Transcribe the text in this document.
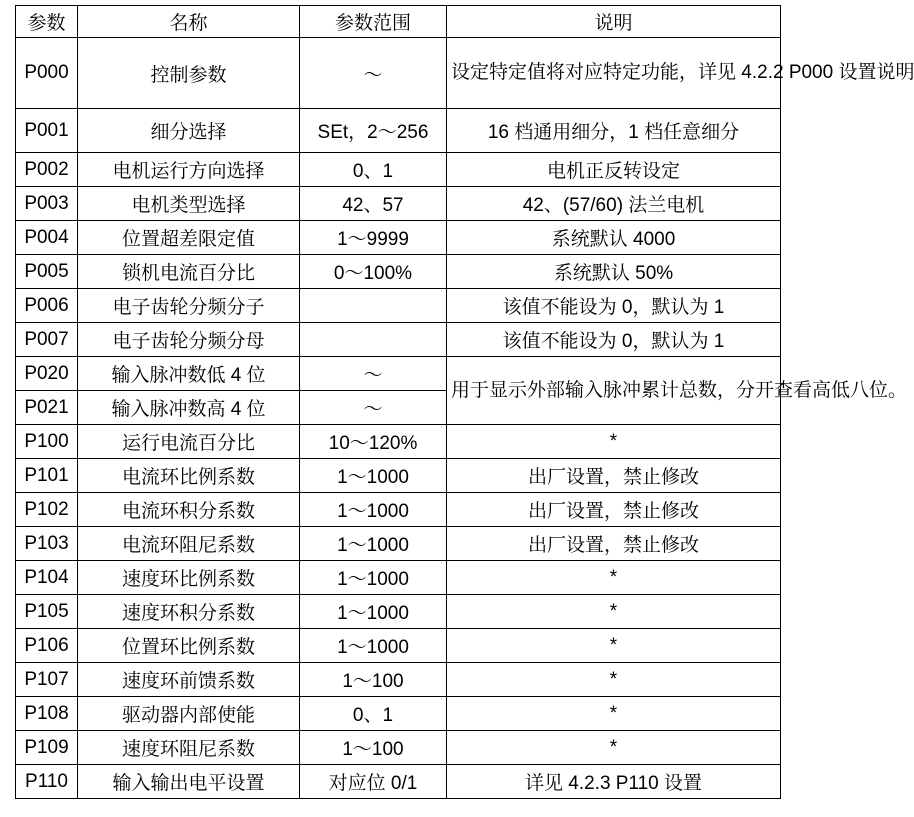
参数	名称	参数范围	说明
P000	控制参数	～	设定特定值将对应特定功能，详见 4.2.2 P000 设置说明
P001	细分选择	SEt，2～256	16 档通用细分，1 档任意细分
P002	电机运行方向选择	0、1	电机正反转设定
P003	电机类型选择	42、57	42、(57/60) 法兰电机
P004	位置超差限定值	1～9999	系统默认 4000
P005	锁机电流百分比	0～100%	系统默认 50%
P006	电子齿轮分频分子		该值不能设为 0，默认为 1
P007	电子齿轮分频分母		该值不能设为 0，默认为 1
P020	输入脉冲数低 4 位	～	用于显示外部输入脉冲累计总数，分开查看高低八位。
P021	输入脉冲数高 4 位	～	
P100	运行电流百分比	10～120%	*
P101	电流环比例系数	1～1000	出厂设置，禁止修改
P102	电流环积分系数	1～1000	出厂设置，禁止修改
P103	电流环阻尼系数	1～1000	出厂设置，禁止修改
P104	速度环比例系数	1～1000	*
P105	速度环积分系数	1～1000	*
P106	位置环比例系数	1～1000	*
P107	速度环前馈系数	1～100	*
P108	驱动器内部使能	0、1	*
P109	速度环阻尼系数	1～100	*
P110	输入输出电平设置	对应位 0/1	详见 4.2.3 P110 设置
